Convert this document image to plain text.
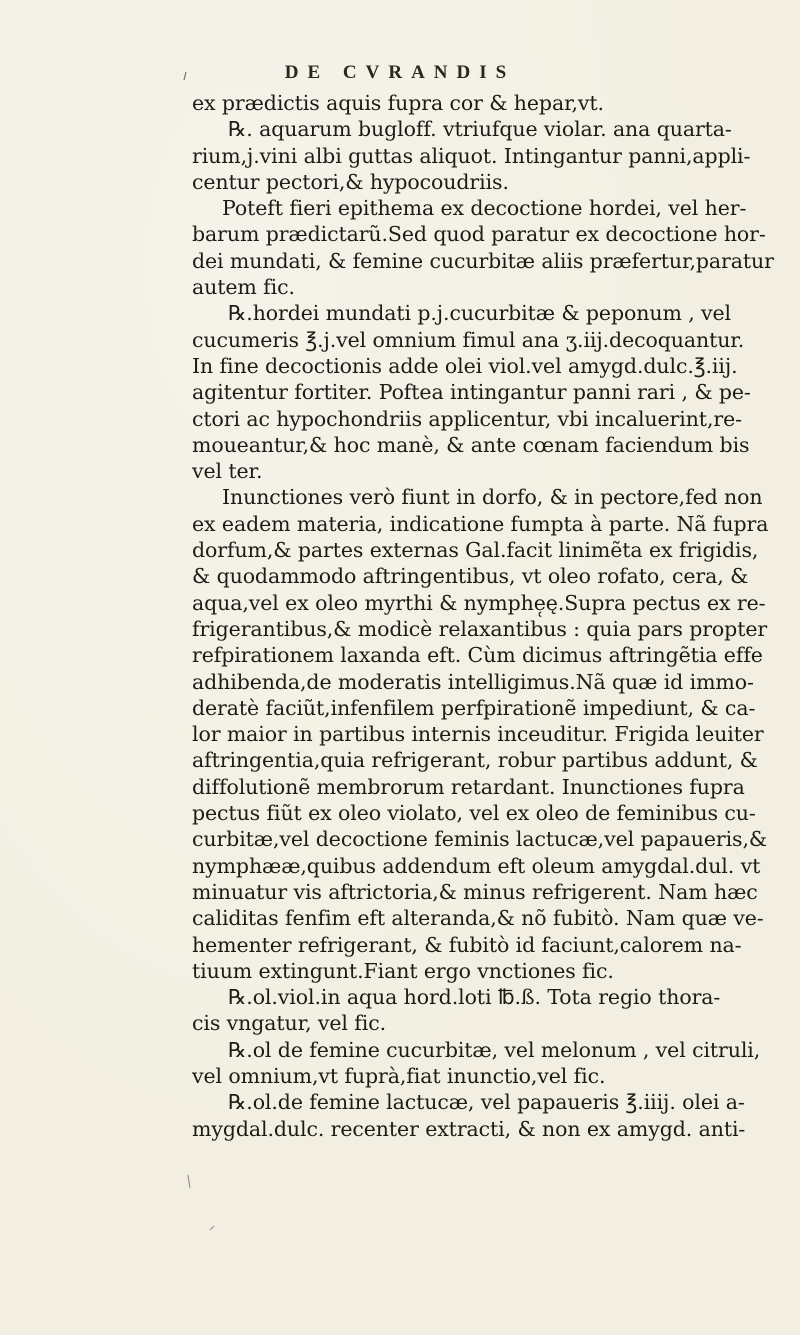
DE CVRANDIS
ex prædictis aquis fupra cor & hepar,vt.
℞. aquarum bugloff. vtriufque violar. ana quarta-
rium,j.vini albi guttas aliquot. Intingantur panni,appli-
centur pectori,& hypocoudriis.
Poteft fieri epithema ex decoctione hordei, vel her-
barum prædictarũ.Sed quod paratur ex decoctione hor-
dei mundati, & femine cucurbitæ aliis præfertur,paratur
autem fic.
℞.hordei mundati p.j.cucurbitæ & peponum , vel
cucumeris ℥.j.vel omnium fimul ana ʒ.iij.decoquantur.
In fine decoctionis adde olei viol.vel amygd.dulc.℥.iij.
agitentur fortiter. Poftea intingantur panni rari , & pe-
ctori ac hypochondriis applicentur, vbi incaluerint,re-
moueantur,& hoc manè, & ante cœnam faciendum bis
vel ter.
Inunctiones verò fiunt in dorfo, & in pectore,fed non
ex eadem materia, indicatione fumpta à parte. Nã fupra
dorfum,& partes externas Gal.facit linimẽta ex frigidis,
& quodammodo aftringentibus, vt oleo rofato, cera, &
aqua,vel ex oleo myrthi & nymphe̜ę.Supra pectus ex re-
frigerantibus,& modicè relaxantibus : quia pars propter
refpirationem laxanda eft. Cùm dicimus aftringẽtia effe
adhibenda,de moderatis intelligimus.Nã quæ id immo-
deratè faciũt,infenfilem perfpirationẽ impediunt, & ca-
lor maior in partibus internis inceuditur. Frigida leuiter
aftringentia,quia refrigerant, robur partibus addunt, &
diffolutionẽ membrorum retardant. Inunctiones fupra
pectus fiũt ex oleo violato, vel ex oleo de feminibus cu-
curbitæ,vel decoctione feminis lactucæ,vel papaueris,&
nymphææ,quibus addendum eft oleum amygdal.dul. vt
minuatur vis aftrictoria,& minus refrigerent. Nam hæc
caliditas fenfim eft alteranda,& nõ fubitò. Nam quæ ve-
hementer refrigerant, & fubitò id faciunt,calorem na-
tiuum extingunt.Fiant ergo vnctiones fic.
℞.ol.viol.in aqua hord.loti ℔.ß. Tota regio thora-
cis vngatur, vel fic.
℞.ol de femine cucurbitæ, vel melonum , vel citruli,
vel omnium,vt fuprà,fiat inunctio,vel fic.
℞.ol.de femine lactucæ, vel papaueris ℥.iiij. olei a-
mygdal.dulc. recenter extracti, & non ex amygd. anti-
